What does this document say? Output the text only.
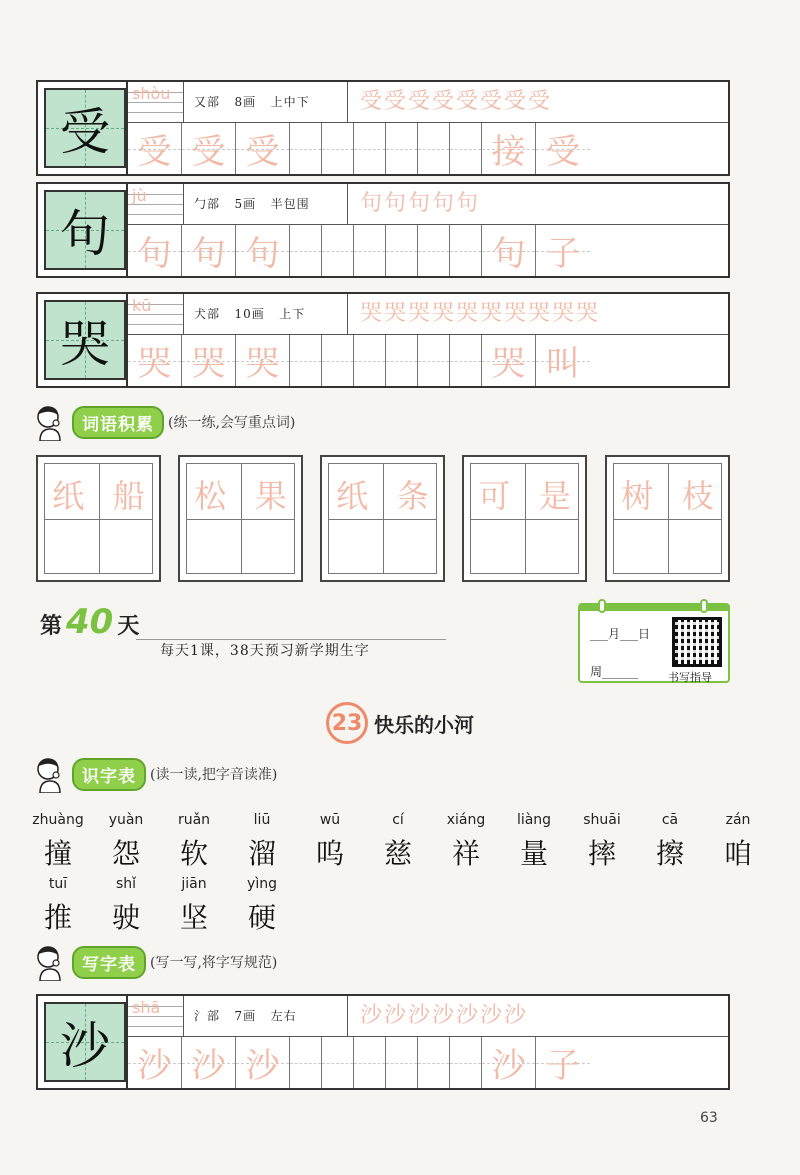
受
shòu	又部 8画 上中下	受受受受受受受受
受 受 受	接 受
句
jù	勹部 5画 半包围	句句句句句
句 句 句	句 子
哭
kū	犬部 10画 上下	哭哭哭哭哭哭哭哭哭哭
哭 哭 哭	哭 叫
词语积累	(练一练,会写重点词)
纸 船	松 果	纸 条	可 是	树 枝
第 40 天
每天1课，38天预习新学期生字
___月___日
周______	书写指导
23 快乐的小河
识字表	(读一读,把字音读准)
zhuàng
撞
yuàn
怨
ruǎn
软
liū
溜
wū
呜
cí
慈
xiáng
祥
liàng
量
shuāi
摔
cā
擦
zán
咱
tuī
推
shǐ
驶
jiān
坚
yìng
硬
写字表	(写一写,将字写规范)
沙
shā	氵部 7画 左右	沙沙沙沙沙沙沙
沙 沙 沙	沙 子
63
